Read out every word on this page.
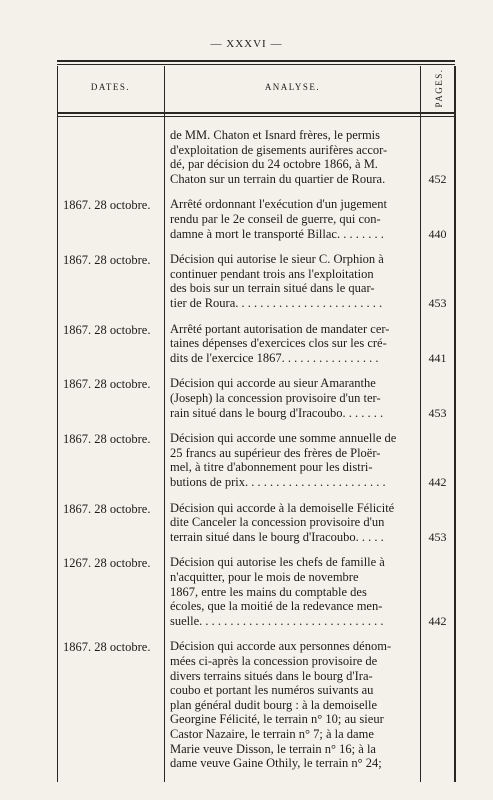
— XXXVI —
DATES.	ANALYSE.	PAGES.
de MM. Chaton et Isnard frères, le permis
d'exploitation de gisements aurifères accor-
dé, par décision du 24 octobre 1866, à M.
Chaton sur un terrain du quartier de Roura.	452
1867. 28 octobre.	Arrêté ordonnant l'exécution d'un jugement
rendu par le 2e conseil de guerre, qui con-
damne à mort le transporté Billac. . . . . . . .	440
1867. 28 octobre.	Décision qui autorise le sieur C. Orphion à
continuer pendant trois ans l'exploitation
des bois sur un terrain situé dans le quar-
tier de Roura. . . . . . . . . . . . . . . . . . . . . . . .	453
1867. 28 octobre.	Arrêté portant autorisation de mandater cer-
taines dépenses d'exercices clos sur les cré-
dits de l'exercice 1867. . . . . . . . . . . . . . . .	441
1867. 28 octobre.	Décision qui accorde au sieur Amaranthe
(Joseph) la concession provisoire d'un ter-
rain situé dans le bourg d'Iracoubo. . . . . . .	453
1867. 28 octobre.	Décision qui accorde une somme annuelle de
25 francs au supérieur des frères de Ploër-
mel, à titre d'abonnement pour les distri-
butions de prix. . . . . . . . . . . . . . . . . . . . . . .	442
1867. 28 octobre.	Décision qui accorde à la demoiselle Félicité
dite Canceler la concession provisoire d'un
terrain situé dans le bourg d'Iracoubo. . . . .	453
1267. 28 octobre.	Décision qui autorise les chefs de famille à
n'acquitter, pour le mois de novembre
1867, entre les mains du comptable des
écoles, que la moitié de la redevance men-
suelle. . . . . . . . . . . . . . . . . . . . . . . . . . . . . .	442
1867. 28 octobre.	Décision qui accorde aux personnes dénom-
mées ci-après la concession provisoire de
divers terrains situés dans le bourg d'Ira-
coubo et portant les numéros suivants au
plan général dudit bourg : à la demoiselle
Georgine Félicité, le terrain n° 10; au sieur
Castor Nazaire, le terrain n° 7; à la dame
Marie veuve Disson, le terrain n° 16; à la
dame veuve Gaine Othily, le terrain n° 24;
